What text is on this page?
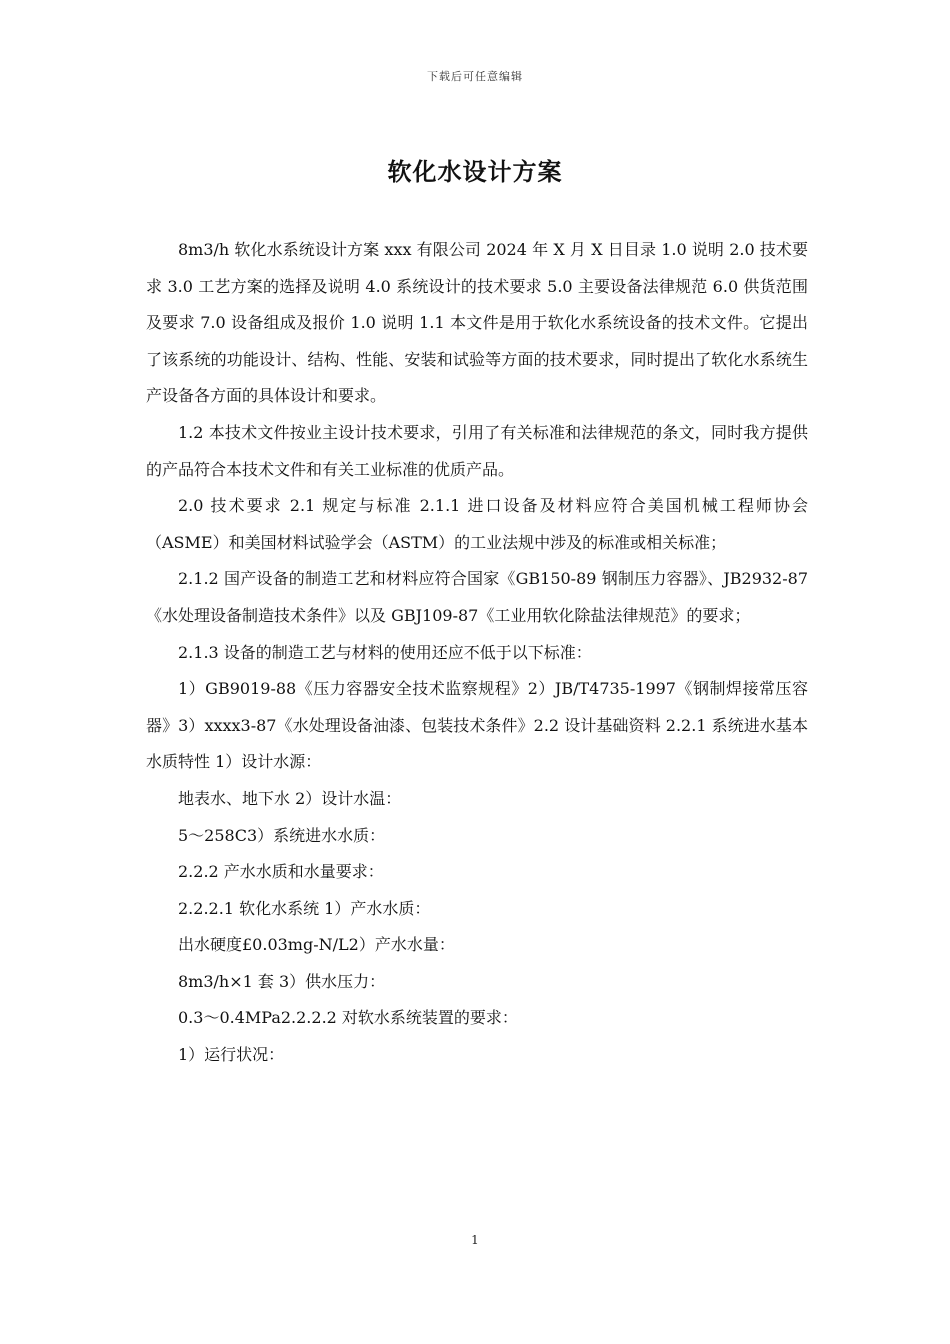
下载后可任意编辑
软化水设计方案

8m3/h 软化水系统设计方案 xxx 有限公司 2024 年 X 月 X 日目录 1.0 说明 2.0 技术要求 3.0 工艺方案的选择及说明 4.0 系统设计的技术要求 5.0 主要设备法律规范 6.0 供货范围及要求 7.0 设备组成及报价 1.0 说明 1.1 本文件是用于软化水系统设备的技术文件。它提出了该系统的功能设计、结构、性能、安装和试验等方面的技术要求，同时提出了软化水系统生产设备各方面的具体设计和要求。

1.2 本技术文件按业主设计技术要求，引用了有关标准和法律规范的条文，同时我方提供的产品符合本技术文件和有关工业标准的优质产品。

2.0 技术要求 2.1 规定与标准 2.1.1 进口设备及材料应符合美国机械工程师协会（ASME）和美国材料试验学会（ASTM）的工业法规中涉及的标准或相关标准；

2.1.2 国产设备的制造工艺和材料应符合国家《GB150-89 钢制压力容器》、JB2932-87《水处理设备制造技术条件》以及 GBJ109-87《工业用软化除盐法律规范》的要求；

2.1.3 设备的制造工艺与材料的使用还应不低于以下标准：

1）GB9019-88《压力容器安全技术监察规程》2）JB/T4735-1997《钢制焊接常压容器》3）xxxx3-87《水处理设备油漆、包装技术条件》2.2 设计基础资料 2.2.1 系统进水基本水质特性 1）设计水源：

地表水、地下水 2）设计水温：

5～258C3）系统进水水质：

2.2.2 产水水质和水量要求：

2.2.2.1 软化水系统 1）产水水质：

出水硬度£0.03mg-N/L2）产水水量：

8m3/h×1 套 3）供水压力：

0.3～0.4MPa2.2.2.2 对软水系统装置的要求：

1）运行状况：

1
